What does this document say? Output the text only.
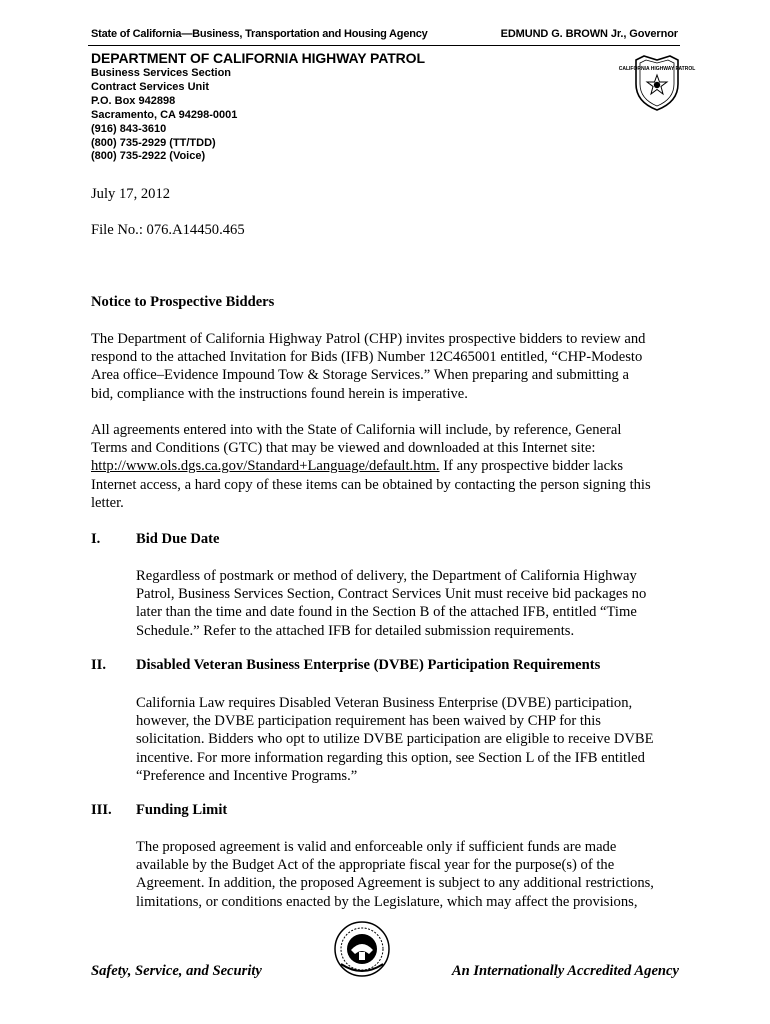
State of California—Business, Transportation and Housing Agency	EDMUND G. BROWN Jr., Governor
DEPARTMENT OF CALIFORNIA HIGHWAY PATROL
Business Services Section
Contract Services Unit
P.O. Box 942898
Sacramento, CA 94298-0001
(916) 843-3610
(800) 735-2929 (TT/TDD)
(800) 735-2922 (Voice)
CALIFORNIA HIGHWAY PATROL
July 17, 2012
File No.: 076.A14450.465
Notice to Prospective Bidders
The Department of California Highway Patrol (CHP) invites prospective bidders to review and
respond to the attached Invitation for Bids (IFB) Number 12C465001 entitled, “CHP-Modesto
Area office–Evidence Impound Tow & Storage Services.” When preparing and submitting a
bid, compliance with the instructions found herein is imperative.
All agreements entered into with the State of California will include, by reference, General
Terms and Conditions (GTC) that may be viewed and downloaded at this Internet site:
http://www.ols.dgs.ca.gov/Standard+Language/default.htm. If any prospective bidder lacks
Internet access, a hard copy of these items can be obtained by contacting the person signing this
letter.
I. Bid Due Date
Regardless of postmark or method of delivery, the Department of California Highway
Patrol, Business Services Section, Contract Services Unit must receive bid packages no
later than the time and date found in the Section B of the attached IFB, entitled “Time
Schedule.” Refer to the attached IFB for detailed submission requirements.
II. Disabled Veteran Business Enterprise (DVBE) Participation Requirements
California Law requires Disabled Veteran Business Enterprise (DVBE) participation,
however, the DVBE participation requirement has been waived by CHP for this
solicitation. Bidders who opt to utilize DVBE participation are eligible to receive DVBE
incentive. For more information regarding this option, see Section L of the IFB entitled
“Preference and Incentive Programs.”
III. Funding Limit
The proposed agreement is valid and enforceable only if sufficient funds are made
available by the Budget Act of the appropriate fiscal year for the purpose(s) of the
Agreement. In addition, the proposed Agreement is subject to any additional restrictions,
limitations, or conditions enacted by the Legislature, which may affect the provisions,
Safety, Service, and Security	An Internationally Accredited Agency
